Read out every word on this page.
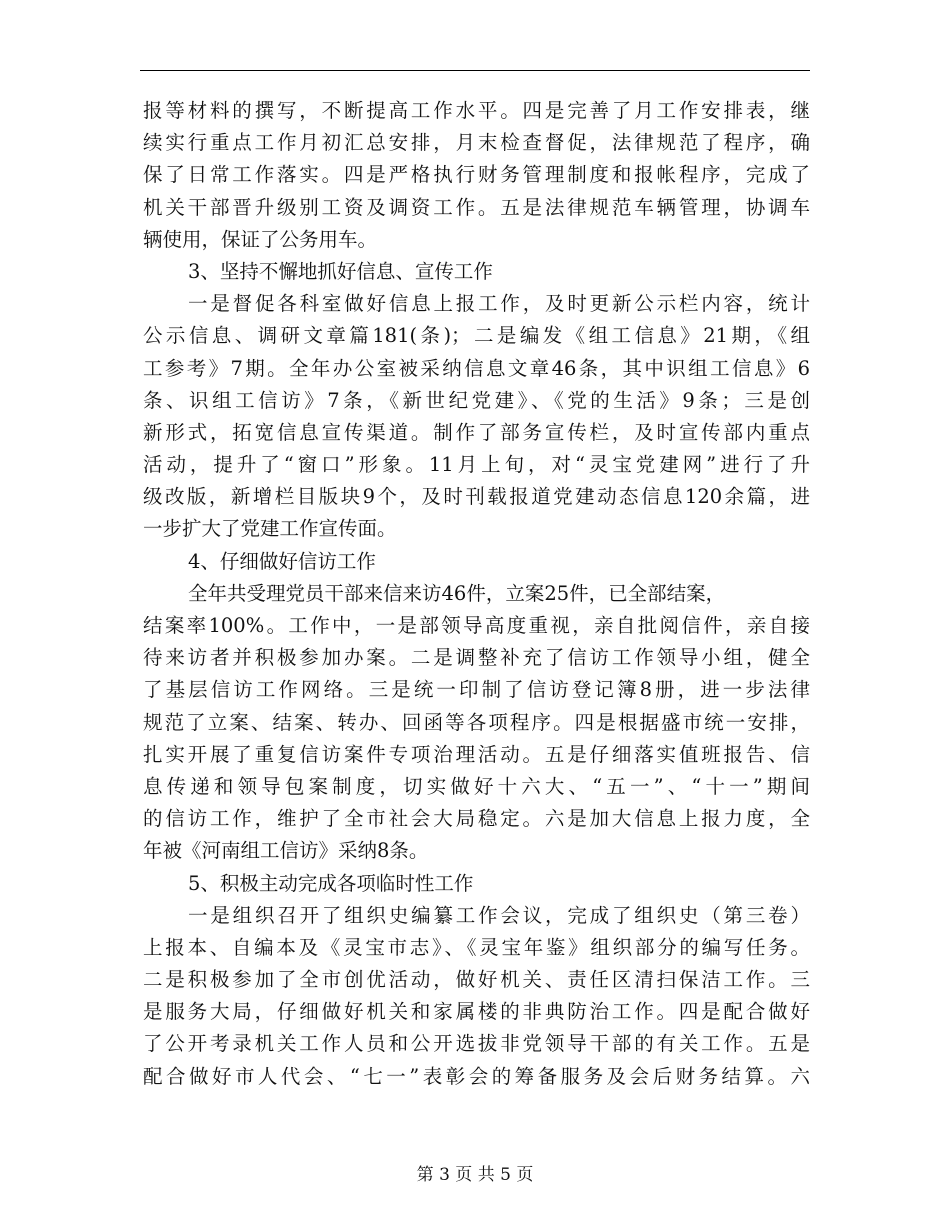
报等材料的撰写，不断提高工作水平。四是完善了月工作安排表，继
续实行重点工作月初汇总安排，月末检查督促，法律规范了程序，确
保了日常工作落实。四是严格执行财务管理制度和报帐程序，完成了
机关干部晋升级别工资及调资工作。五是法律规范车辆管理，协调车
辆使用，保证了公务用车。
3、坚持不懈地抓好信息、宣传工作
一是督促各科室做好信息上报工作，及时更新公示栏内容，统计
公示信息、调研文章篇181(条)；二是编发《组工信息》21期，《组
工参考》7期。全年办公室被采纳信息文章46条，其中识组工信息》6
条、识组工信访》7条，《新世纪党建》、《党的生活》9条；三是创
新形式，拓宽信息宣传渠道。制作了部务宣传栏，及时宣传部内重点
活动，提升了“窗口”形象。11月上旬，对“灵宝党建网”进行了升
级改版，新增栏目版块9个，及时刊载报道党建动态信息120余篇，进
一步扩大了党建工作宣传面。
4、仔细做好信访工作
全年共受理党员干部来信来访46件，立案25件，已全部结案，
结案率100%。工作中，一是部领导高度重视，亲自批阅信件，亲自接
待来访者并积极参加办案。二是调整补充了信访工作领导小组，健全
了基层信访工作网络。三是统一印制了信访登记簿8册，进一步法律
规范了立案、结案、转办、回函等各项程序。四是根据盛市统一安排，
扎实开展了重复信访案件专项治理活动。五是仔细落实值班报告、信
息传递和领导包案制度，切实做好十六大、“五一”、“十一”期间
的信访工作，维护了全市社会大局稳定。六是加大信息上报力度，全
年被《河南组工信访》采纳8条。
5、积极主动完成各项临时性工作
一是组织召开了组织史编纂工作会议，完成了组织史（第三卷）
上报本、自编本及《灵宝市志》、《灵宝年鉴》组织部分的编写任务。
二是积极参加了全市创优活动，做好机关、责任区清扫保洁工作。三
是服务大局，仔细做好机关和家属楼的非典防治工作。四是配合做好
了公开考录机关工作人员和公开选拔非党领导干部的有关工作。五是
配合做好市人代会、“七一”表彰会的筹备服务及会后财务结算。六
第 3 页 共 5 页
